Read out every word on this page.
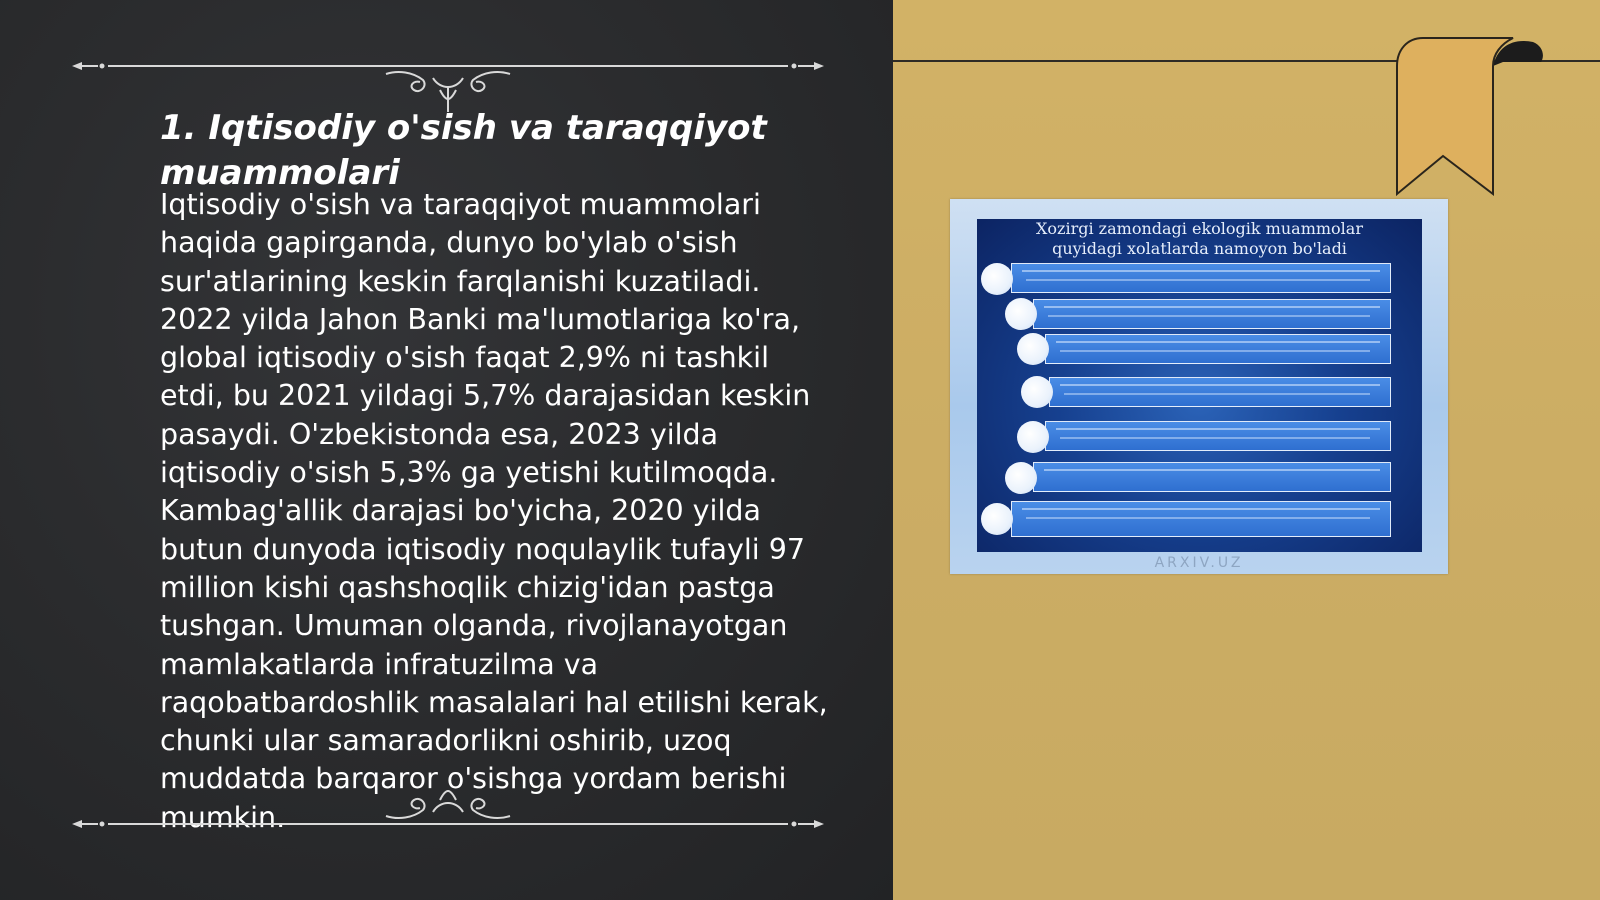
1. Iqtisodiy o'sish va taraqqiyot muammolari

Iqtisodiy o'sish va taraqqiyot muammolari haqida gapirganda, dunyo bo'ylab o'sish sur'atlarining keskin farqlanishi kuzatiladi. 2022 yilda Jahon Banki ma'lumotlariga ko'ra, global iqtisodiy o'sish faqat 2,9% ni tashkil etdi, bu 2021 yildagi 5,7% darajasidan keskin pasaydi. O'zbekistonda esa, 2023 yilda iqtisodiy o'sish 5,3% ga yetishi kutilmoqda. Kambag'allik darajasi bo'yicha, 2020 yilda butun dunyoda iqtisodiy noqulaylik tufayli 97 million kishi qashshoqlik chizig'idan pastga tushgan. Umuman olganda, rivojlanayotgan mamlakatlarda infratuzilma va raqobatbardoshlik masalalari hal etilishi kerak, chunki ular samaradorlikni oshirib, uzoq muddatda barqaror o'sishga yordam berishi mumkin.

Xozirgi zamondagi ekologik muammolar
quyidagi xolatlarda namoyon bo'ladi
ARXIV.UZ
